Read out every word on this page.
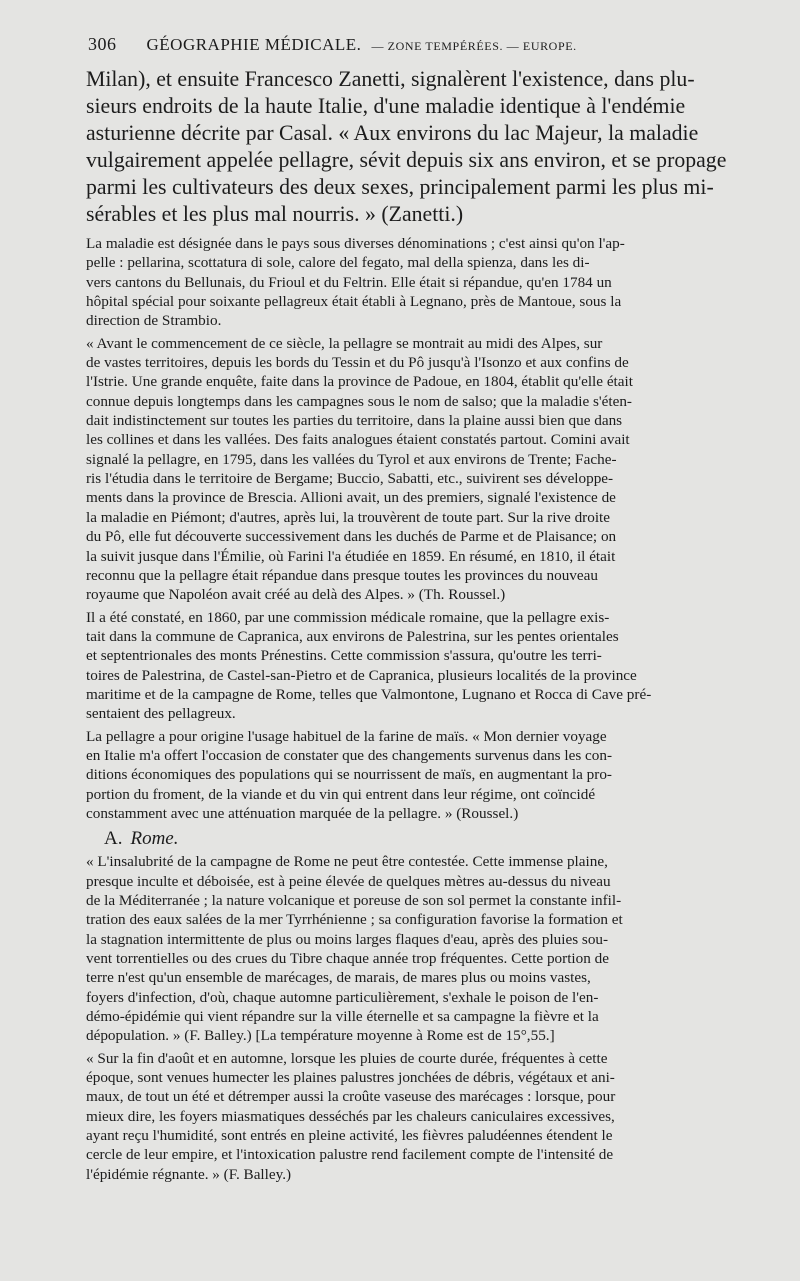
306 GÉOGRAPHIE MÉDICALE. — ZONE TEMPÉRÉES. — EUROPE.
Milan), et ensuite Francesco Zanetti, signalèrent l'existence, dans plu-
sieurs endroits de la haute Italie, d'une maladie identique à l'endémie
asturienne décrite par Casal. « Aux environs du lac Majeur, la maladie
vulgairement appelée pellagre, sévit depuis six ans environ, et se propage
parmi les cultivateurs des deux sexes, principalement parmi les plus mi-
sérables et les plus mal nourris. » (Zanetti.)
La maladie est désignée dans le pays sous diverses dénominations ; c'est ainsi qu'on l'ap-
pelle : pellarina, scottatura di sole, calore del fegato, mal della spienza, dans les di-
vers cantons du Bellunais, du Frioul et du Feltrin. Elle était si répandue, qu'en 1784 un
hôpital spécial pour soixante pellagreux était établi à Legnano, près de Mantoue, sous la
direction de Strambio.
« Avant le commencement de ce siècle, la pellagre se montrait au midi des Alpes, sur
de vastes territoires, depuis les bords du Tessin et du Pô jusqu'à l'Isonzo et aux confins de
l'Istrie. Une grande enquête, faite dans la province de Padoue, en 1804, établit qu'elle était
connue depuis longtemps dans les campagnes sous le nom de salso; que la maladie s'éten-
dait indistinctement sur toutes les parties du territoire, dans la plaine aussi bien que dans
les collines et dans les vallées. Des faits analogues étaient constatés partout. Comini avait
signalé la pellagre, en 1795, dans les vallées du Tyrol et aux environs de Trente; Fache-
ris l'étudia dans le territoire de Bergame; Buccio, Sabatti, etc., suivirent ses développe-
ments dans la province de Brescia. Allioni avait, un des premiers, signalé l'existence de
la maladie en Piémont; d'autres, après lui, la trouvèrent de toute part. Sur la rive droite
du Pô, elle fut découverte successivement dans les duchés de Parme et de Plaisance; on
la suivit jusque dans l'Émilie, où Farini l'a étudiée en 1859. En résumé, en 1810, il était
reconnu que la pellagre était répandue dans presque toutes les provinces du nouveau
royaume que Napoléon avait créé au delà des Alpes. » (Th. Roussel.)
Il a été constaté, en 1860, par une commission médicale romaine, que la pellagre exis-
tait dans la commune de Capranica, aux environs de Palestrina, sur les pentes orientales
et septentrionales des monts Prénestins. Cette commission s'assura, qu'outre les terri-
toires de Palestrina, de Castel-san-Pietro et de Capranica, plusieurs localités de la province
maritime et de la campagne de Rome, telles que Valmontone, Lugnano et Rocca di Cave pré-
sentaient des pellagreux.
La pellagre a pour origine l'usage habituel de la farine de maïs. « Mon dernier voyage
en Italie m'a offert l'occasion de constater que des changements survenus dans les con-
ditions économiques des populations qui se nourrissent de maïs, en augmentant la pro-
portion du froment, de la viande et du vin qui entrent dans leur régime, ont coïncidé
constamment avec une atténuation marquée de la pellagre. » (Roussel.)
A. Rome.
« L'insalubrité de la campagne de Rome ne peut être contestée. Cette immense plaine,
presque inculte et déboisée, est à peine élevée de quelques mètres au-dessus du niveau
de la Méditerranée ; la nature volcanique et poreuse de son sol permet la constante infil-
tration des eaux salées de la mer Tyrrhénienne ; sa configuration favorise la formation et
la stagnation intermittente de plus ou moins larges flaques d'eau, après des pluies sou-
vent torrentielles ou des crues du Tibre chaque année trop fréquentes. Cette portion de
terre n'est qu'un ensemble de marécages, de marais, de mares plus ou moins vastes,
foyers d'infection, d'où, chaque automne particulièrement, s'exhale le poison de l'en-
démo-épidémie qui vient répandre sur la ville éternelle et sa campagne la fièvre et la
dépopulation. » (F. Balley.) [La température moyenne à Rome est de 15°,55.]
« Sur la fin d'août et en automne, lorsque les pluies de courte durée, fréquentes à cette
époque, sont venues humecter les plaines palustres jonchées de débris, végétaux et ani-
maux, de tout un été et détremper aussi la croûte vaseuse des marécages : lorsque, pour
mieux dire, les foyers miasmatiques desséchés par les chaleurs caniculaires excessives,
ayant reçu l'humidité, sont entrés en pleine activité, les fièvres paludéennes étendent le
cercle de leur empire, et l'intoxication palustre rend facilement compte de l'intensité de
l'épidémie régnante. » (F. Balley.)
